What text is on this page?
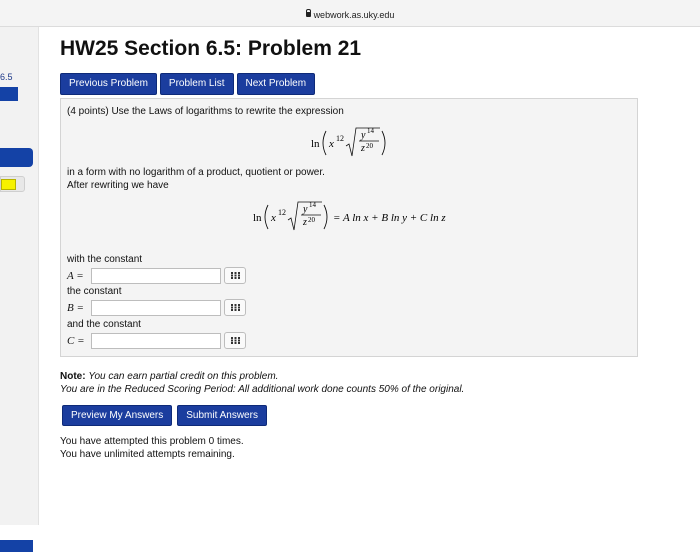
webwork.as.uky.edu
6.5
HW25 Section 6.5: Problem 21
Previous Problem	Problem List	Next Problem
(4 points) Use the Laws of logarithms to rewrite the expression
ln x 12 y 14
z 20
in a form with no logarithm of a product, quotient or power.
After rewriting we have
ln x 12 y 14
z 20 = A ln x + B ln y + C ln z
with the constant
A =
the constant
B =
and the constant
C =
Note: You can earn partial credit on this problem.
You are in the Reduced Scoring Period: All additional work done counts 50% of the original.
Preview My Answers	Submit Answers
You have attempted this problem 0 times.
You have unlimited attempts remaining.
